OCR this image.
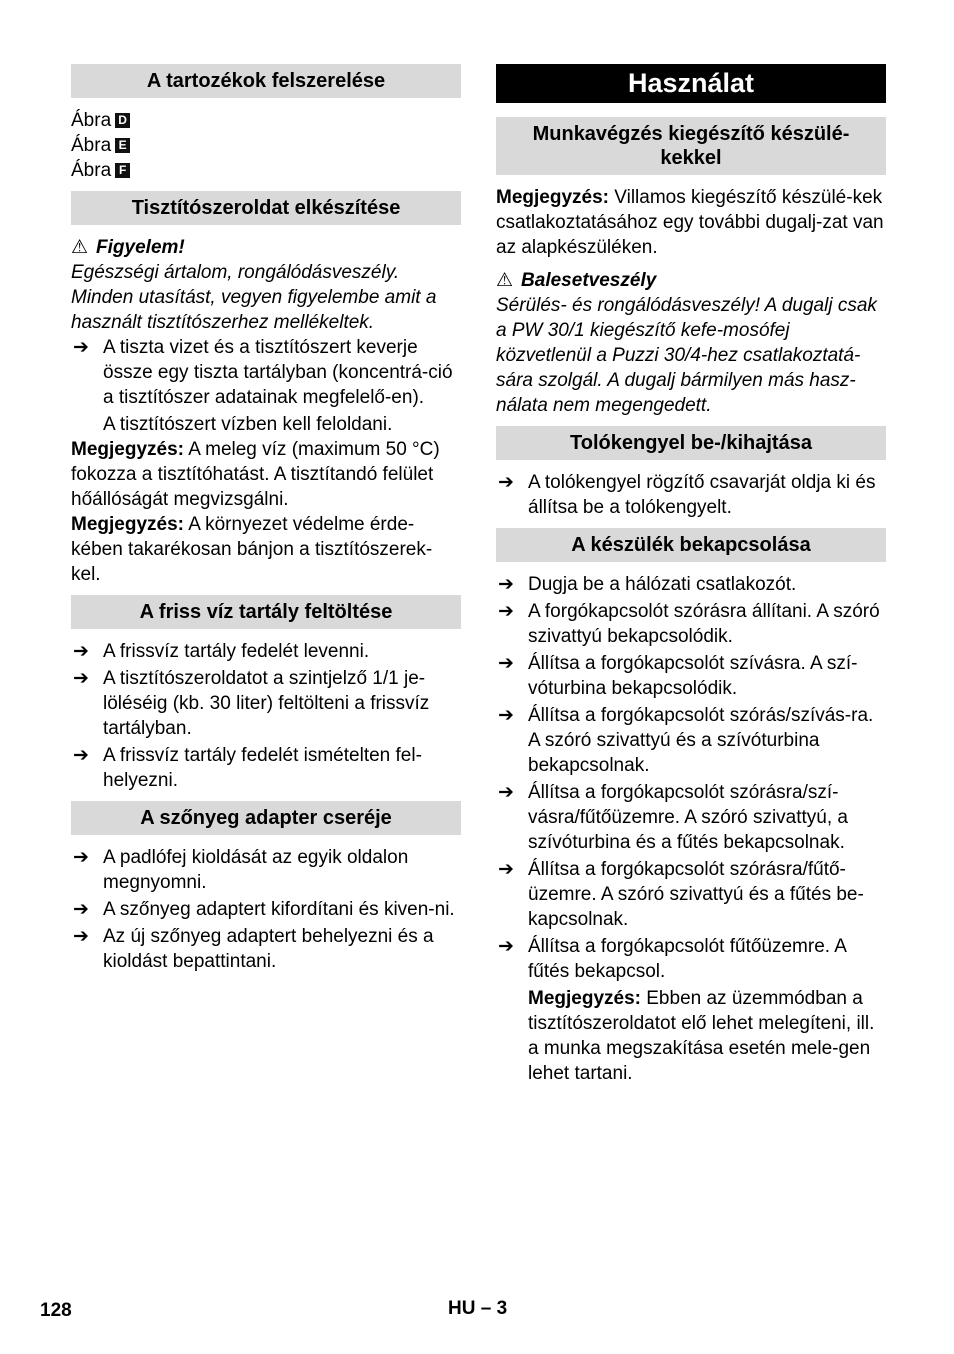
A tartozékok felszerelése
Ábra D
Ábra E
Ábra F
Tisztítószeroldat elkészítése
⚠ Figyelem!

Egészségi ártalom, rongálódásveszély. Minden utasítást, vegyen figyelembe amit a használt tisztítószerhez mellékeltek.

➔ A tiszta vizet és a tisztítószert keverje össze egy tiszta tartályban (koncentrá-ció a tisztítószer adatainak megfelelő-en).

A tisztítószert vízben kell feloldani.

Megjegyzés: A meleg víz (maximum 50 °C) fokozza a tisztítóhatást. A tisztítandó felület hőállóságát megvizsgálni.

Megjegyzés: A környezet védelme érde-kében takarékosan bánjon a tisztítószerek-kel.

A friss víz tartály feltöltése
➔ A frissvíz tartály fedelét levenni.
➔ A tisztítószeroldatot a szintjelző 1/1 je-löléséig (kb. 30 liter) feltölteni a frissvíz tartályban.
➔ A frissvíz tartály fedelét ismételten fel-helyezni.
A szőnyeg adapter cseréje
➔ A padlófej kioldását az egyik oldalon megnyomni.
➔ A szőnyeg adaptert kifordítani és kiven-ni.
➔ Az új szőnyeg adaptert behelyezni és a kioldást bepattintani.
Használat
Munkavégzés kiegészítő készülé-kekkel

Megjegyzés: Villamos kiegészítő készülé-kek csatlakoztatásához egy további dugalj-zat van az alapkészüléken.

⚠ Balesetveszély

Sérülés- és rongálódásveszély! A dugalj csak a PW 30/1 kiegészítő kefe-mosófej közvetlenül a Puzzi 30/4-hez csatlakoztatá-sára szolgál. A dugalj bármilyen más hasz-nálata nem megengedett.

Tolókengyel be-/kihajtása
➔ A tolókengyel rögzítő csavarját oldja ki és állítsa be a tolókengyelt.
A készülék bekapcsolása
➔ Dugja be a hálózati csatlakozót.
➔ A forgókapcsolót szórásra állítani. A szóró szivattyú bekapcsolódik.
➔ Állítsa a forgókapcsolót szívásra. A szí-vóturbina bekapcsolódik.
➔ Állítsa a forgókapcsolót szórás/szívás-ra. A szóró szivattyú és a szívóturbina bekapcsolnak.
➔ Állítsa a forgókapcsolót szórásra/szí-vásra/fűtőüzemre. A szóró szivattyú, a szívóturbina és a fűtés bekapcsolnak.
➔ Állítsa a forgókapcsolót szórásra/fűtő-üzemre. A szóró szivattyú és a fűtés be-kapcsolnak.
➔ Állítsa a forgókapcsolót fűtőüzemre. A fűtés bekapcsol.

Megjegyzés: Ebben az üzemmódban a tisztítószeroldatot elő lehet melegíteni, ill. a munka megszakítása esetén mele-gen lehet tartani.

128	HU – 3
